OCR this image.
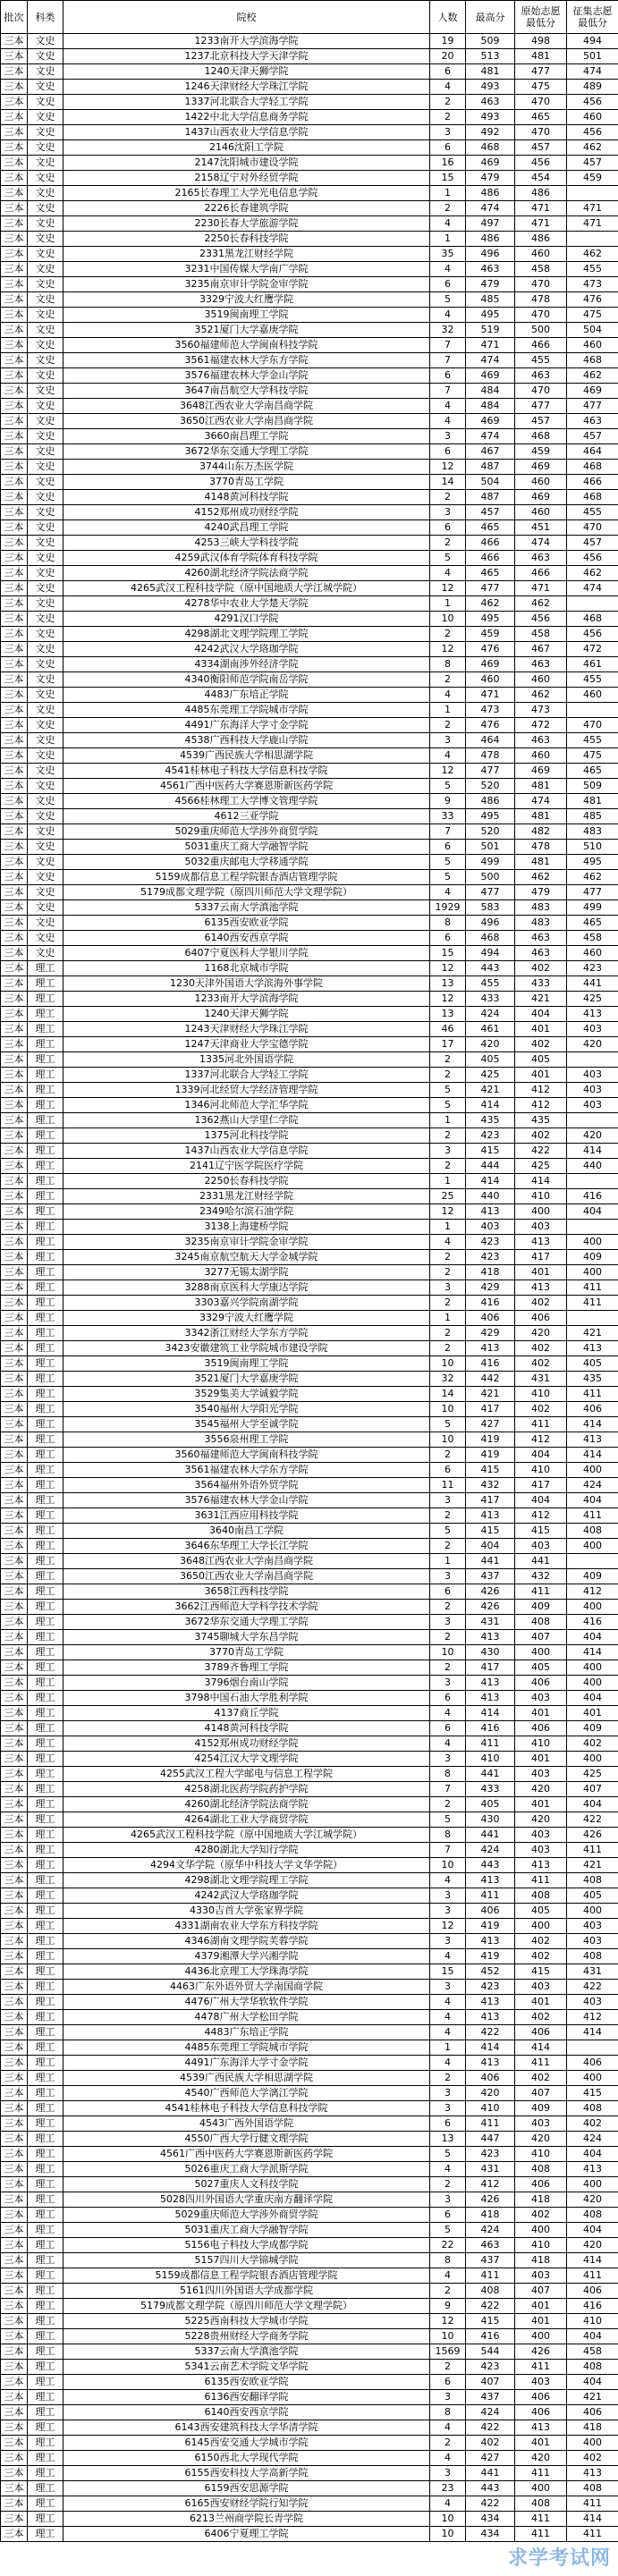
批次	科类	院校	人数	最高分	原始志愿最低分	征集志愿最低分
三本	文史	1233南开大学滨海学院	19	509	498	494
三本	文史	1237北京科技大学天津学院	20	513	481	501
三本	文史	1240天津天狮学院	6	481	477	474
三本	文史	1246天津财经大学珠江学院	4	493	475	489
三本	文史	1337河北联合大学轻工学院	2	463	470	456
三本	文史	1422中北大学信息商务学院	2	493	465	460
三本	文史	1437山西农业大学信息学院	3	492	470	456
三本	文史	2146沈阳工学院	6	468	457	462
三本	文史	2147沈阳城市建设学院	16	469	456	457
三本	文史	2158辽宁对外经贸学院	15	479	454	459
三本	文史	2165长春理工大学光电信息学院	1	486	486	
三本	文史	2226长春建筑学院	2	474	471	471
三本	文史	2230长春大学旅游学院	4	497	471	471
三本	文史	2250长春科技学院	1	486	486	
三本	文史	2331黑龙江财经学院	35	496	460	462
三本	文史	3231中国传媒大学南广学院	4	463	458	455
三本	文史	3235南京审计学院金审学院	6	479	470	473
三本	文史	3329宁波大红鹰学院	5	485	478	476
三本	文史	3519闽南理工学院	4	495	470	475
三本	文史	3521厦门大学嘉庚学院	32	519	500	504
三本	文史	3560福建师范大学闽南科技学院	7	471	466	460
三本	文史	3561福建农林大学东方学院	7	474	455	468
三本	文史	3576福建农林大学金山学院	6	469	463	462
三本	文史	3647南昌航空大学科技学院	7	484	470	469
三本	文史	3648江西农业大学南昌商学院	4	484	477	477
三本	文史	3650江西农业大学南昌商学院	4	469	457	463
三本	文史	3660南昌理工学院	3	474	468	457
三本	文史	3672华东交通大学理工学院	6	467	459	464
三本	文史	3744山东万杰医学院	12	487	469	468
三本	文史	3770青岛工学院	14	504	460	466
三本	文史	4148黄河科技学院	2	487	469	468
三本	文史	4152郑州成功财经学院	3	457	460	455
三本	文史	4240武昌理工学院	6	465	451	470
三本	文史	4253三峡大学科技学院	2	466	474	457
三本	文史	4259武汉体育学院体育科技学院	5	466	463	456
三本	文史	4260湖北经济学院法商学院	4	465	466	462
三本	文史	4265武汉工程科技学院（原中国地质大学江城学院）	12	477	471	474
三本	文史	4278华中农业大学楚天学院	1	462	462	
三本	文史	4291汉口学院	10	495	456	468
三本	文史	4298湖北文理学院理工学院	2	459	458	456
三本	文史	4242武汉大学珞珈学院	12	476	467	472
三本	文史	4334湖南涉外经济学院	8	469	463	461
三本	文史	4340衡阳师范学院南岳学院	2	460	460	455
三本	文史	4483广东培正学院	4	471	462	460
三本	文史	4485东莞理工学院城市学院	1	473	473	
三本	文史	4491广东海洋大学寸金学院	2	476	472	470
三本	文史	4538广西科技大学鹿山学院	3	464	463	455
三本	文史	4539广西民族大学相思湖学院	4	478	460	475
三本	文史	4541桂林电子科技大学信息科技学院	12	477	469	465
三本	文史	4561广西中医药大学赛恩斯新医药学院	5	520	481	509
三本	文史	4566桂林理工大学博文管理学院	9	486	474	481
三本	文史	4612三亚学院	33	495	481	485
三本	文史	5029重庆师范大学涉外商贸学院	7	520	482	483
三本	文史	5031重庆工商大学融智学院	6	501	478	510
三本	文史	5032重庆邮电大学移通学院	5	499	481	495
三本	文史	5159成都信息工程学院银杏酒店管理学院	5	500	462	462
三本	文史	5179成都文理学院（原四川师范大学文理学院）	4	477	479	477
三本	文史	5337云南大学滇池学院	1929	583	483	499
三本	文史	6135西安欧亚学院	8	496	483	465
三本	文史	6140西安西京学院	6	468	463	458
三本	文史	6407宁夏医科大学银川学院	15	494	463	460
三本	理工	1168北京城市学院	12	443	402	423
三本	理工	1230天津外国语大学滨海外事学院	13	455	433	441
三本	理工	1233南开大学滨海学院	12	433	421	425
三本	理工	1240天津天狮学院	13	424	404	413
三本	理工	1243天津财经大学珠江学院	46	461	401	403
三本	理工	1247天津商业大学宝德学院	17	420	402	420
三本	理工	1335河北外国语学院	2	405	405	
三本	理工	1337河北联合大学轻工学院	2	425	401	403
三本	理工	1339河北经贸大学经济管理学院	5	421	412	403
三本	理工	1346河北师范大学汇华学院	5	414	412	403
三本	理工	1362燕山大学里仁学院	1	435	435	
三本	理工	1375河北科技学院	2	423	402	420
三本	理工	1437山西农业大学信息学院	3	415	422	414
三本	理工	2141辽宁医学院医疗学院	2	444	425	440
三本	理工	2250长春科技学院	1	414	414	
三本	理工	2331黑龙江财经学院	25	440	410	416
三本	理工	2349哈尔滨石油学院	12	413	400	404
三本	理工	3138上海建桥学院	1	403	403	
三本	理工	3235南京审计学院金审学院	4	423	413	400
三本	理工	3245南京航空航天大学金城学院	2	423	417	409
三本	理工	3277无锡太湖学院	2	418	401	400
三本	理工	3288南京医科大学康达学院	3	429	413	411
三本	理工	3303嘉兴学院南湖学院	2	416	402	411
三本	理工	3329宁波大红鹰学院	1	406	406	
三本	理工	3342浙江财经大学东方学院	2	429	420	421
三本	理工	3423安徽建筑工业学院城市建设学院	2	413	402	413
三本	理工	3519闽南理工学院	10	416	402	405
三本	理工	3521厦门大学嘉庚学院	32	442	431	435
三本	理工	3529集美大学诚毅学院	14	421	410	411
三本	理工	3540福州大学阳光学院	10	417	402	406
三本	理工	3545福州大学至诚学院	5	427	411	414
三本	理工	3556泉州理工学院	10	419	412	413
三本	理工	3560福建师范大学闽南科技学院	2	419	404	414
三本	理工	3561福建农林大学东方学院	6	415	410	400
三本	理工	3564福州外语外贸学院	11	432	417	424
三本	理工	3576福建农林大学金山学院	3	417	404	404
三本	理工	3631江西应用科技学院	2	413	412	411
三本	理工	3640南昌工学院	5	415	415	408
三本	理工	3646东华理工大学长江学院	2	404	403	400
三本	理工	3648江西农业大学南昌商学院	1	441	441	
三本	理工	3650江西农业大学南昌商学院	3	437	432	409
三本	理工	3658江西科技学院	6	426	411	412
三本	理工	3662江西师范大学科学技术学院	2	426	409	400
三本	理工	3672华东交通大学理工学院	3	431	408	416
三本	理工	3745聊城大学东昌学院	2	413	407	404
三本	理工	3770青岛工学院	10	430	400	414
三本	理工	3789齐鲁理工学院	2	417	405	400
三本	理工	3796烟台南山学院	3	413	406	400
三本	理工	3798中国石油大学胜利学院	6	413	403	404
三本	理工	4137商丘学院	4	414	401	401
三本	理工	4148黄河科技学院	6	416	406	409
三本	理工	4152郑州成功财经学院	4	411	410	402
三本	理工	4254江汉大学文理学院	3	410	401	400
三本	理工	4255武汉工程大学邮电与信息工程学院	8	441	403	425
三本	理工	4258湖北医药学院药护学院	7	433	420	407
三本	理工	4260湖北经济学院法商学院	2	405	401	404
三本	理工	4264湖北工业大学商贸学院	5	430	420	422
三本	理工	4265武汉工程科技学院（原中国地质大学江城学院）	8	441	403	426
三本	理工	4280湖北大学知行学院	7	424	403	411
三本	理工	4294文华学院（原华中科技大学文华学院）	10	443	413	421
三本	理工	4298湖北文理学院理工学院	4	413	411	408
三本	理工	4242武汉大学珞珈学院	3	411	408	405
三本	理工	4330吉首大学张家界学院	3	406	405	400
三本	理工	4331湖南农业大学东方科技学院	12	419	400	403
三本	理工	4346湖南文理学院芙蓉学院	3	413	402	403
三本	理工	4379湘潭大学兴湘学院	4	419	402	408
三本	理工	4436北京理工大学珠海学院	15	452	415	431
三本	理工	4463广东外语外贸大学南国商学院	3	423	403	422
三本	理工	4476广州大学华软软件学院	4	413	401	403
三本	理工	4478广州大学松田学院	4	413	402	412
三本	理工	4483广东培正学院	4	422	406	414
三本	理工	4485东莞理工学院城市学院	1	414	414	
三本	理工	4491广东海洋大学寸金学院	4	413	411	406
三本	理工	4539广西民族大学相思湖学院	2	406	402	400
三本	理工	4540广西师范大学漓江学院	3	420	407	415
三本	理工	4541桂林电子科技大学信息科技学院	3	410	409	408
三本	理工	4543广西外国语学院	6	411	403	402
三本	理工	4550广西大学行健文理学院	13	447	420	424
三本	理工	4561广西中医药大学赛恩斯新医药学院	5	423	410	404
三本	理工	5026重庆工商大学派斯学院	4	431	408	413
三本	理工	5027重庆人文科技学院	2	412	406	400
三本	理工	5028四川外国语大学重庆南方翻译学院	3	426	418	420
三本	理工	5029重庆师范大学涉外商贸学院	6	418	402	408
三本	理工	5031重庆工商大学融智学院	5	424	400	404
三本	理工	5156电子科技大学成都学院	22	463	410	420
三本	理工	5157四川大学锦城学院	8	437	418	414
三本	理工	5159成都信息工程学院银杏酒店管理学院	4	411	403	411
三本	理工	5161四川外国语大学成都学院	2	408	407	406
三本	理工	5179成都文理学院（原四川师范大学文理学院）	9	422	401	416
三本	理工	5225西南科技大学城市学院	12	415	401	410
三本	理工	5228贵州财经大学商务学院	10	416	400	404
三本	理工	5337云南大学滇池学院	1569	544	426	458
三本	理工	5341云南艺术学院文华学院	2	423	411	408
三本	理工	6135西安欧亚学院	6	407	403	404
三本	理工	6136西安翻译学院	3	437	406	421
三本	理工	6140西安西京学院	8	424	406	406
三本	理工	6143西安建筑科技大学华清学院	4	422	413	418
三本	理工	6145西安交通大学城市学院	2	402	401	400
三本	理工	6150西北大学现代学院	4	427	420	402
三本	理工	6155西安科技大学高新学院	3	441	411	413
三本	理工	6159西安思源学院	23	443	400	408
三本	理工	6165西安财经学院行知学院	4	422	408	411
三本	理工	6213兰州商学院长青学院	10	434	411	414
三本	理工	6406宁夏理工学院	10	434	411	411
求学考试网
